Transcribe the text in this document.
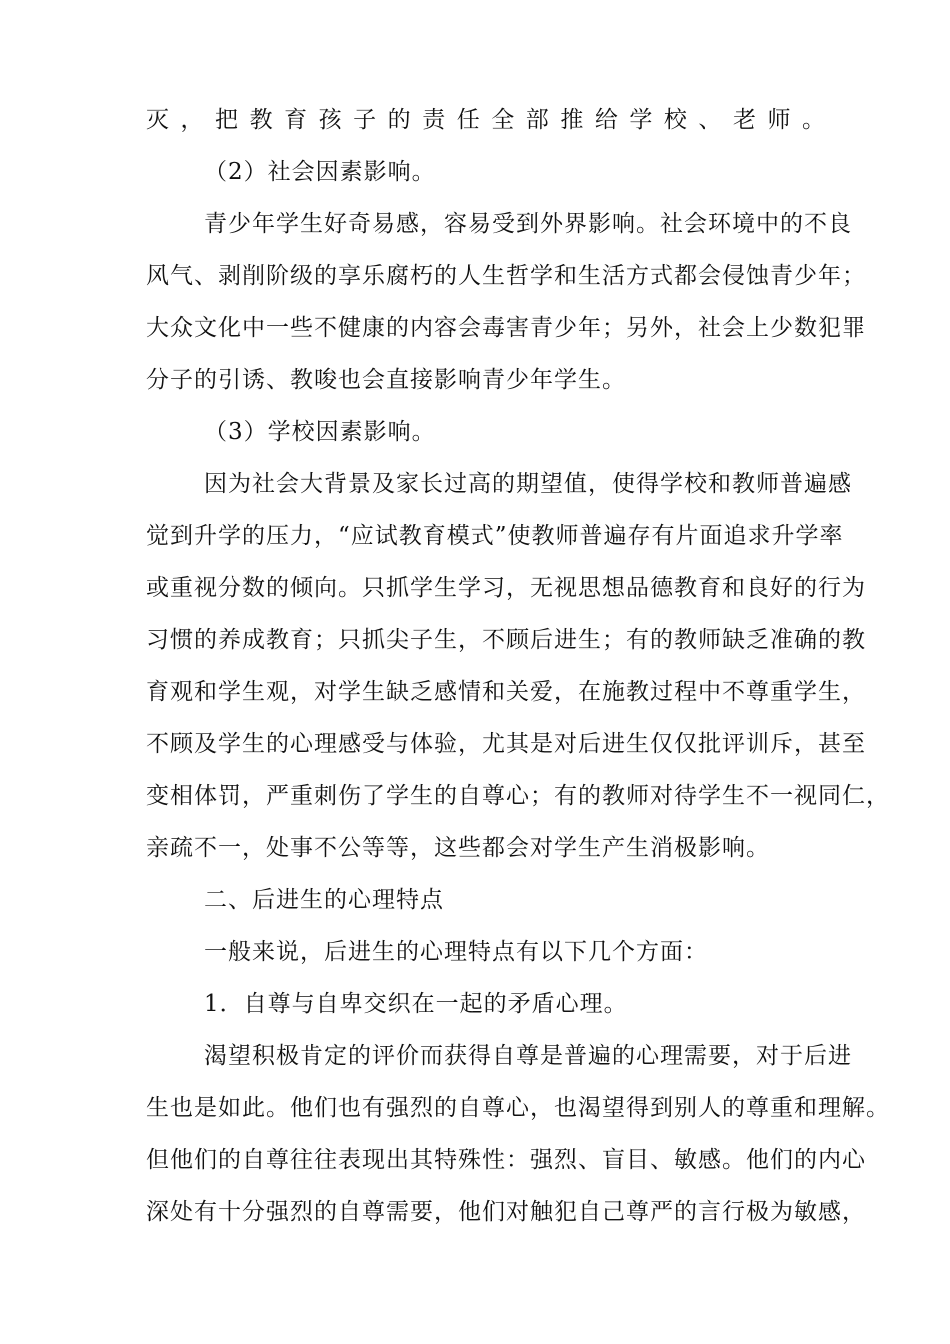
灭，把教育孩子的责任全部推给学校、老师。
（2）社会因素影响。
青少年学生好奇易感，容易受到外界影响。社会环境中的不良
风气、剥削阶级的享乐腐朽的人生哲学和生活方式都会侵蚀青少年；
大众文化中一些不健康的内容会毒害青少年；另外，社会上少数犯罪
分子的引诱、教唆也会直接影响青少年学生。
（3）学校因素影响。
因为社会大背景及家长过高的期望值，使得学校和教师普遍感
觉到升学的压力，“应试教育模式”使教师普遍存有片面追求升学率
或重视分数的倾向。只抓学生学习，无视思想品德教育和良好的行为
习惯的养成教育；只抓尖子生，不顾后进生；有的教师缺乏准确的教
育观和学生观，对学生缺乏感情和关爱，在施教过程中不尊重学生，
不顾及学生的心理感受与体验，尤其是对后进生仅仅批评训斥，甚至
变相体罚，严重刺伤了学生的自尊心；有的教师对待学生不一视同仁，
亲疏不一，处事不公等等，这些都会对学生产生消极影响。
二、后进生的心理特点
一般来说，后进生的心理特点有以下几个方面：
1．自尊与自卑交织在一起的矛盾心理。
渴望积极肯定的评价而获得自尊是普遍的心理需要，对于后进
生也是如此。他们也有强烈的自尊心，也渴望得到别人的尊重和理解。
但他们的自尊往往表现出其特殊性：强烈、盲目、敏感。他们的内心
深处有十分强烈的自尊需要，他们对触犯自己尊严的言行极为敏感，
